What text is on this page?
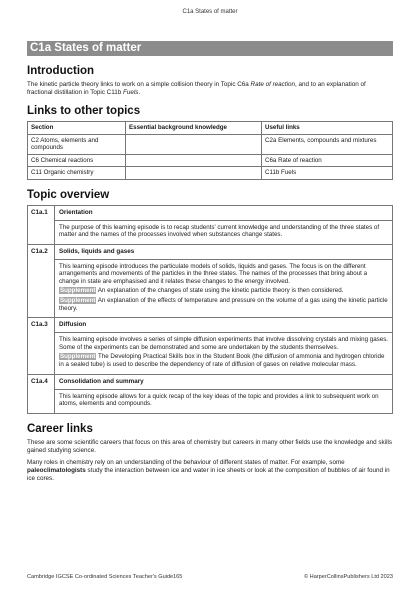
C1a States of matter
C1a States of matter
Introduction

The kinetic particle theory links to work on a simple collision theory in Topic C6a Rate of reaction, and to an explanation of fractional distillation in Topic C11b Fuels.

Links to other topics
Section	Essential background knowledge	Useful links
C2 Atoms, elements and compounds		C2a Elements, compounds and mixtures
C6 Chemical reactions		C6a Rate of reaction
C11 Organic chemistry		C11b Fuels
Topic overview
C1a.1	Orientation

The purpose of this learning episode is to recap students' current knowledge and understanding of the three states of matter and the names of the processes involved when substances change states.

C1a.2	Solids, liquids and gases

This learning episode introduces the particulate models of solids, liquids and gases. The focus is on the different arrangements and movements of the particles in the three states. The names of the processes that bring about a change in state are emphasised and it relates these changes to the energy involved.

Supplement An explanation of the changes of state using the kinetic particle theory is then considered.

Supplement An explanation of the effects of temperature and pressure on the volume of a gas using the kinetic particle theory.

C1a.3	Diffusion

This learning episode involves a series of simple diffusion experiments that involve dissolving crystals and mixing gases. Some of the experiments can be demonstrated and some are undertaken by the students themselves.

Supplement The Developing Practical Skills box in the Student Book (the diffusion of ammonia and hydrogen chloride in a sealed tube) is used to describe the dependency of rate of diffusion of gases on relative molecular mass.

C1a.4	Consolidation and summary

This learning episode allows for a quick recap of the key ideas of the topic and provides a link to subsequent work on atoms, elements and compounds.

Career links

These are some scientific careers that focus on this area of chemistry but careers in many other fields use the knowledge and skills gained studying science.

Many roles in chemistry rely on an understanding of the behaviour of different states of matter. For example, some paleoclimatologists study the interaction between ice and water in ice sheets or look at the composition of bubbles of air found in ice cores.

Cambridge IGCSE Co-ordinated Sciences Teacher's Guide 165	© HarperCollinsPublishers Ltd 2023
